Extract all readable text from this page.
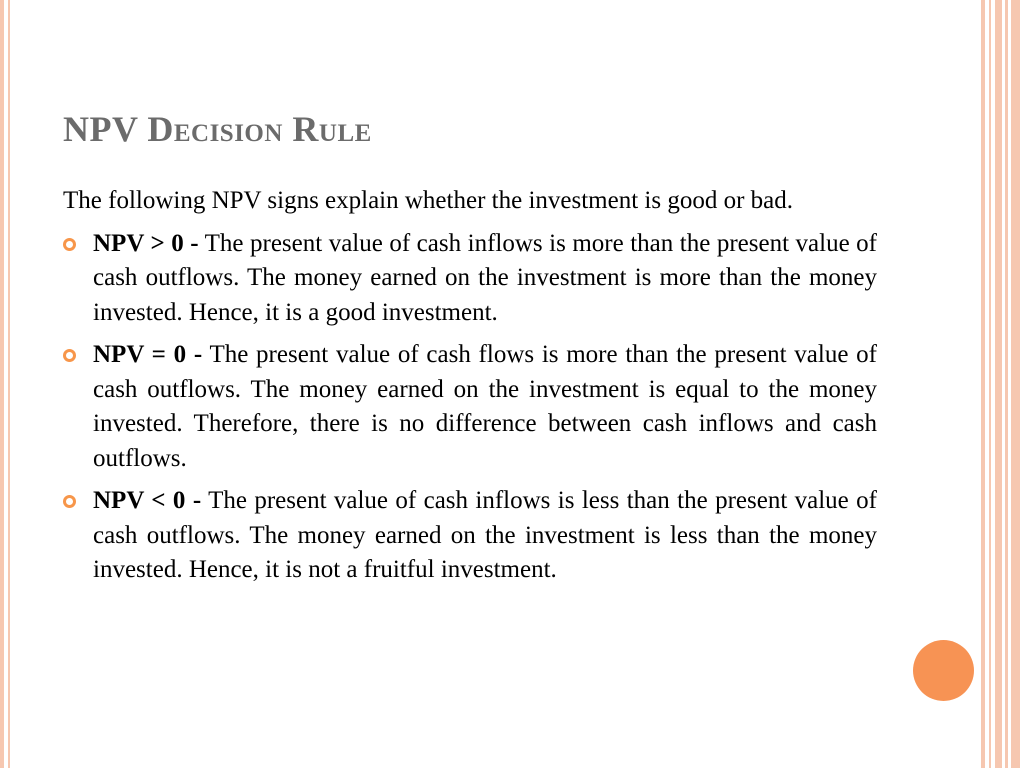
NPV Decision Rule

The following NPV signs explain whether the investment is good or bad.

NPV > 0 - The present value of cash inflows is more than the present value of cash outflows. The money earned on the investment is more than the money invested. Hence, it is a good investment.
NPV = 0 - The present value of cash flows is more than the present value of cash outflows. The money earned on the investment is equal to the money invested. Therefore, there is no difference between cash inflows and cash outflows.
NPV < 0 - The present value of cash inflows is less than the present value of cash outflows. The money earned on the investment is less than the money invested. Hence, it is not a fruitful investment.
